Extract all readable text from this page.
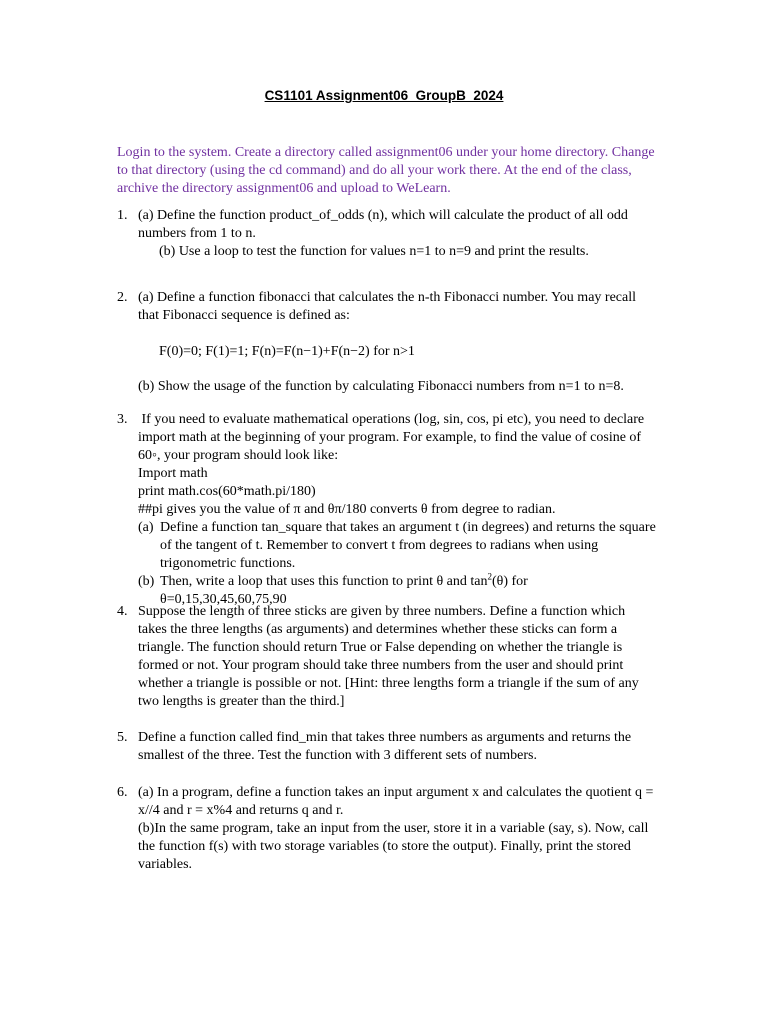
CS1101 Assignment06_GroupB_2024

Login to the system. Create a directory called assignment06 under your home directory. Change to that directory (using the cd command) and do all your work there. At the end of the class, archive the directory assignment06 and upload to WeLearn.

1. (a) Define the function product_of_odds (n), which will calculate the product of all odd numbers from 1 to n.

(b) Use a loop to test the function for values n=1 to n=9 and print the results.

2. (a) Define a function fibonacci that calculates the n-th Fibonacci number. You may recall that Fibonacci sequence is defined as:

F(0)=0; F(1)=1; F(n)=F(n−1)+F(n−2) for n>1

(b) Show the usage of the function by calculating Fibonacci numbers from n=1 to n=8.

3. If you need to evaluate mathematical operations (log, sin, cos, pi etc), you need to declare import math at the beginning of your program. For example, to find the value of cosine of 60◦, your program should look like:

Import math

print math.cos(60*math.pi/180)

##pi gives you the value of π and θπ/180 converts θ from degree to radian.

(a) Define a function tan_square that takes an argument t (in degrees) and returns the square of the tangent of t. Remember to convert t from degrees to radians when using trigonometric functions.

(b) Then, write a loop that uses this function to print θ and $\tan^2(\theta)$ for

θ=0,15,30,45,60,75,90

4. Suppose the length of three sticks are given by three numbers. Define a function which takes the three lengths (as arguments) and determines whether these sticks can form a triangle. The function should return True or False depending on whether the triangle is formed or not. Your program should take three numbers from the user and should print whether a triangle is possible or not. [Hint: three lengths form a triangle if the sum of any two lengths is greater than the third.]

5. Define a function called find_min that takes three numbers as arguments and returns the smallest of the three. Test the function with 3 different sets of numbers.

6. (a) In a program, define a function takes an input argument x and calculates the quotient q = x//4 and r = x%4 and returns q and r.

(b)In the same program, take an input from the user, store it in a variable (say, s). Now, call the function f(s) with two storage variables (to store the output). Finally, print the stored variables.
